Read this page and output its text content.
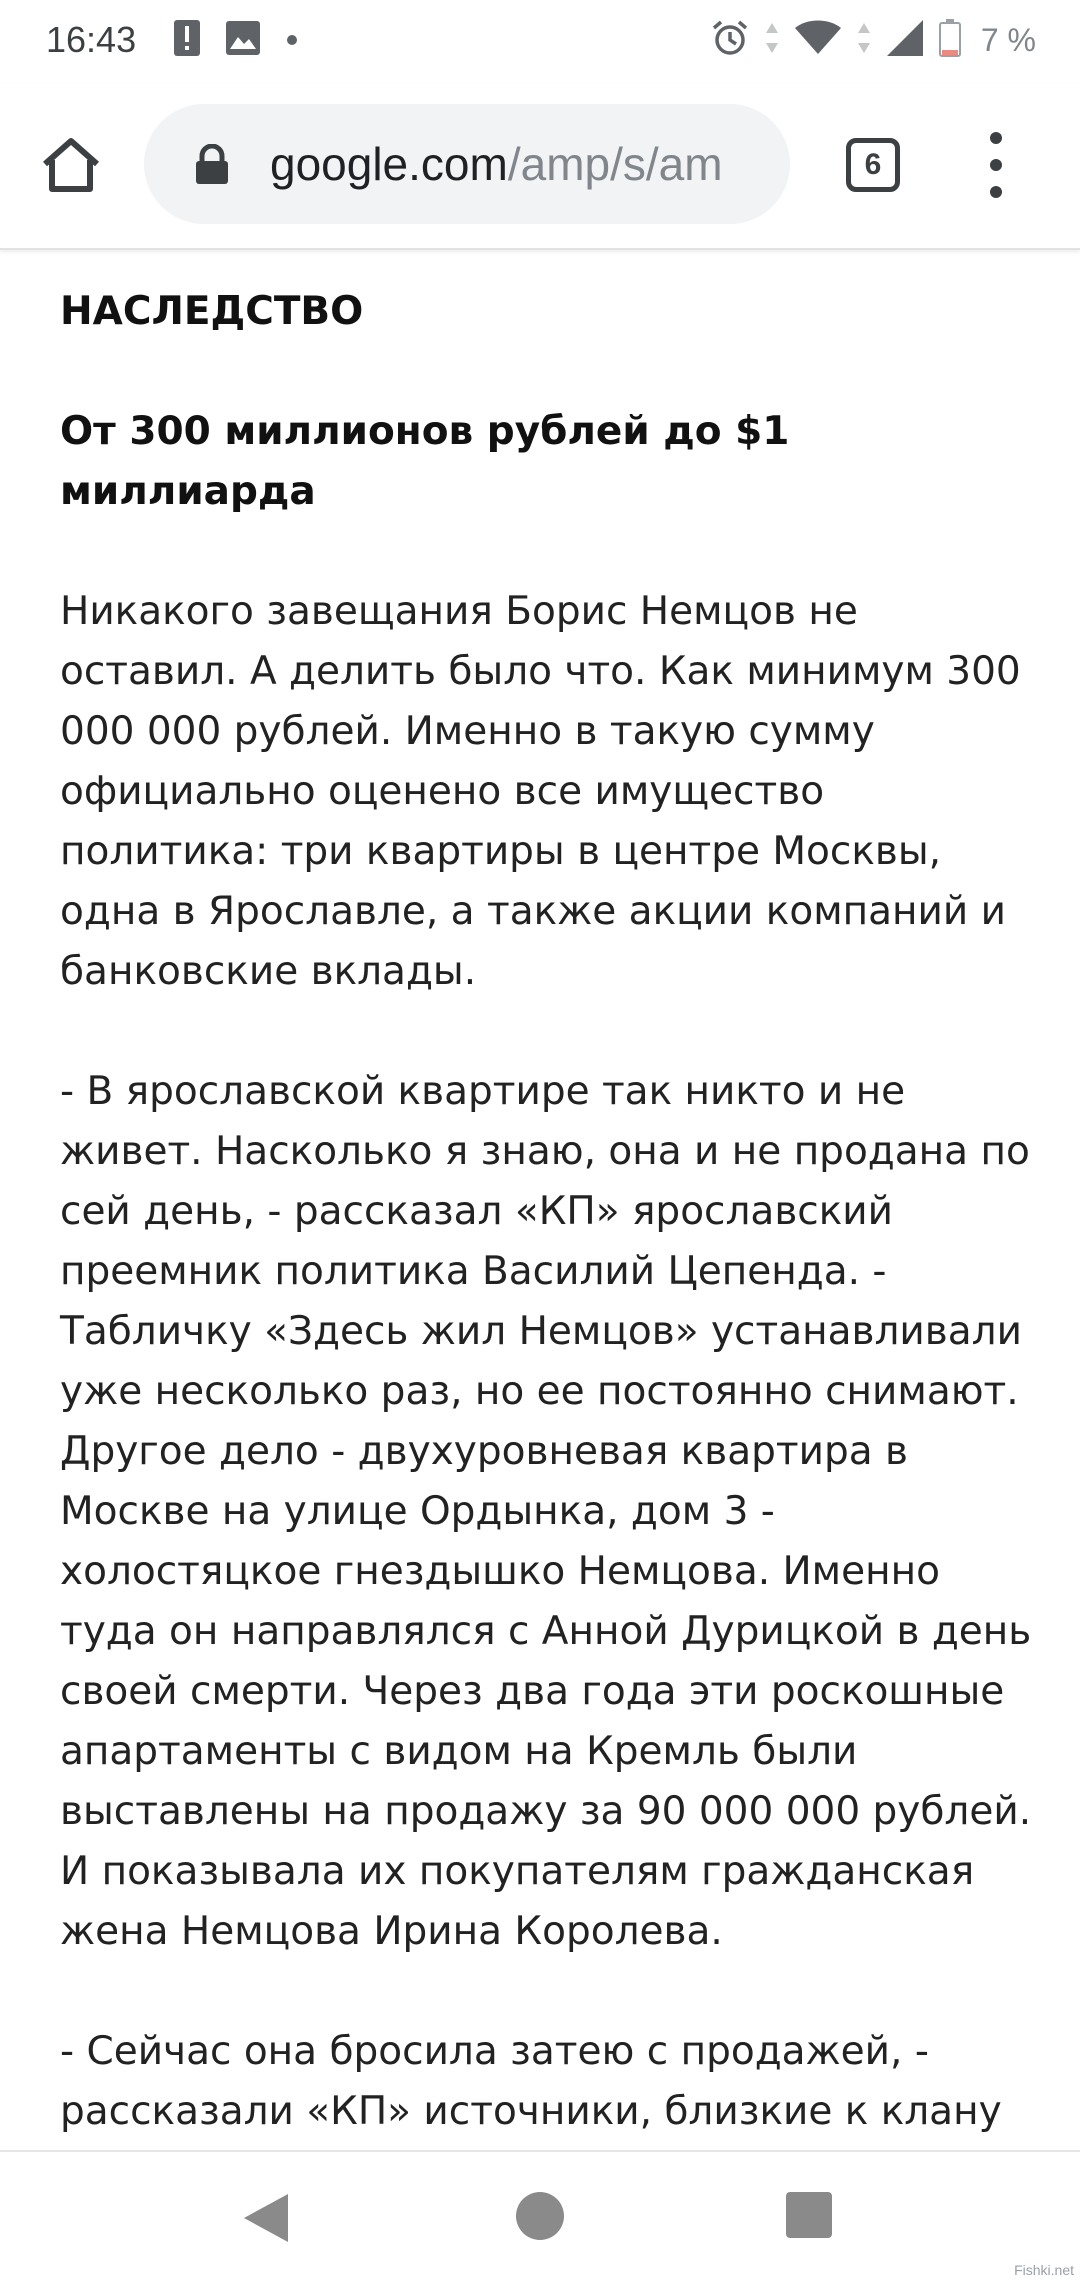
16:43	7 %
google.com/amp/s/am	6

НАСЛЕДСТВО

От 300 миллионов рублей до $1 миллиарда

Никакого завещания Борис Немцов не оставил. А делить было что. Как минимум 300 000 000 рублей. Именно в такую сумму официально оценено все имущество политика: три квартиры в центре Москвы, одна в Ярославле, а также акции компаний и банковские вклады.

- В ярославской квартире так никто и не живет. Насколько я знаю, она и не продана по сей день, - рассказал «КП» ярославский преемник политика Василий Цепенда. - Табличку «Здесь жил Немцов» устанавливали уже несколько раз, но ее постоянно снимают. Другое дело - двухуровневая квартира в Москве на улице Ордынка, дом 3 - холостяцкое гнездышко Немцова. Именно туда он направлялся с Анной Дурицкой в день своей смерти. Через два года эти роскошные апартаменты с видом на Кремль были выставлены на продажу за 90 000 000 рублей. И показывала их покупателям гражданская жена Немцова Ирина Королева.

- Сейчас она бросила затею с продажей, - рассказали «КП» источники, близкие к клану

Fishki.net
